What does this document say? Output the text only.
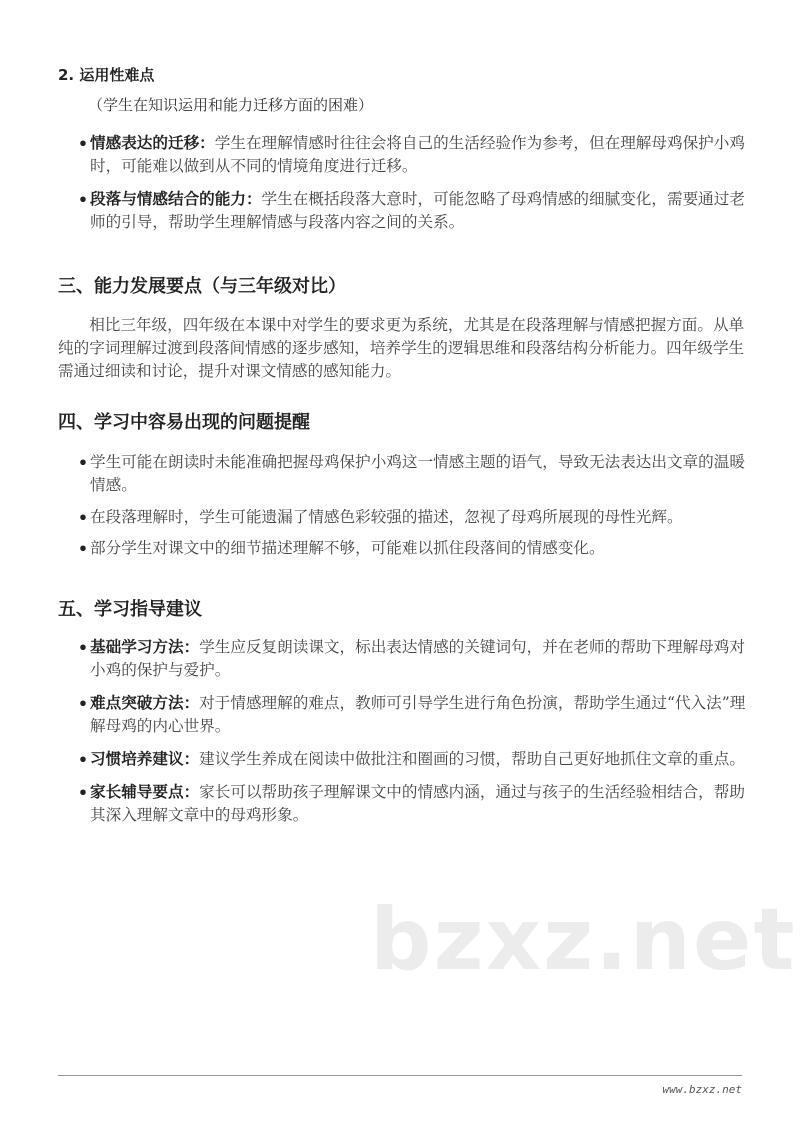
2. 运用性难点
（学生在知识运用和能力迁移方面的困难）
• 情感表达的迁移：学生在理解情感时往往会将自己的生活经验作为参考，但在理解母鸡保护小鸡时，可能难以做到从不同的情境角度进行迁移。
• 段落与情感结合的能力：学生在概括段落大意时，可能忽略了母鸡情感的细腻变化，需要通过老师的引导，帮助学生理解情感与段落内容之间的关系。
三、能力发展要点（与三年级对比）
相比三年级，四年级在本课中对学生的要求更为系统，尤其是在段落理解与情感把握方面。从单纯的字词理解过渡到段落间情感的逐步感知，培养学生的逻辑思维和段落结构分析能力。四年级学生需通过细读和讨论，提升对课文情感的感知能力。
四、学习中容易出现的问题提醒
• 学生可能在朗读时未能准确把握母鸡保护小鸡这一情感主题的语气，导致无法表达出文章的温暖情感。
• 在段落理解时，学生可能遗漏了情感色彩较强的描述，忽视了母鸡所展现的母性光辉。
• 部分学生对课文中的细节描述理解不够，可能难以抓住段落间的情感变化。
五、学习指导建议
• 基础学习方法：学生应反复朗读课文，标出表达情感的关键词句，并在老师的帮助下理解母鸡对小鸡的保护与爱护。
• 难点突破方法：对于情感理解的难点，教师可引导学生进行角色扮演，帮助学生通过“代入法”理解母鸡的内心世界。
• 习惯培养建议：建议学生养成在阅读中做批注和圈画的习惯，帮助自己更好地抓住文章的重点。
• 家长辅导要点：家长可以帮助孩子理解课文中的情感内涵，通过与孩子的生活经验相结合，帮助其深入理解文章中的母鸡形象。
bzxz.net
www.bzxz.net
